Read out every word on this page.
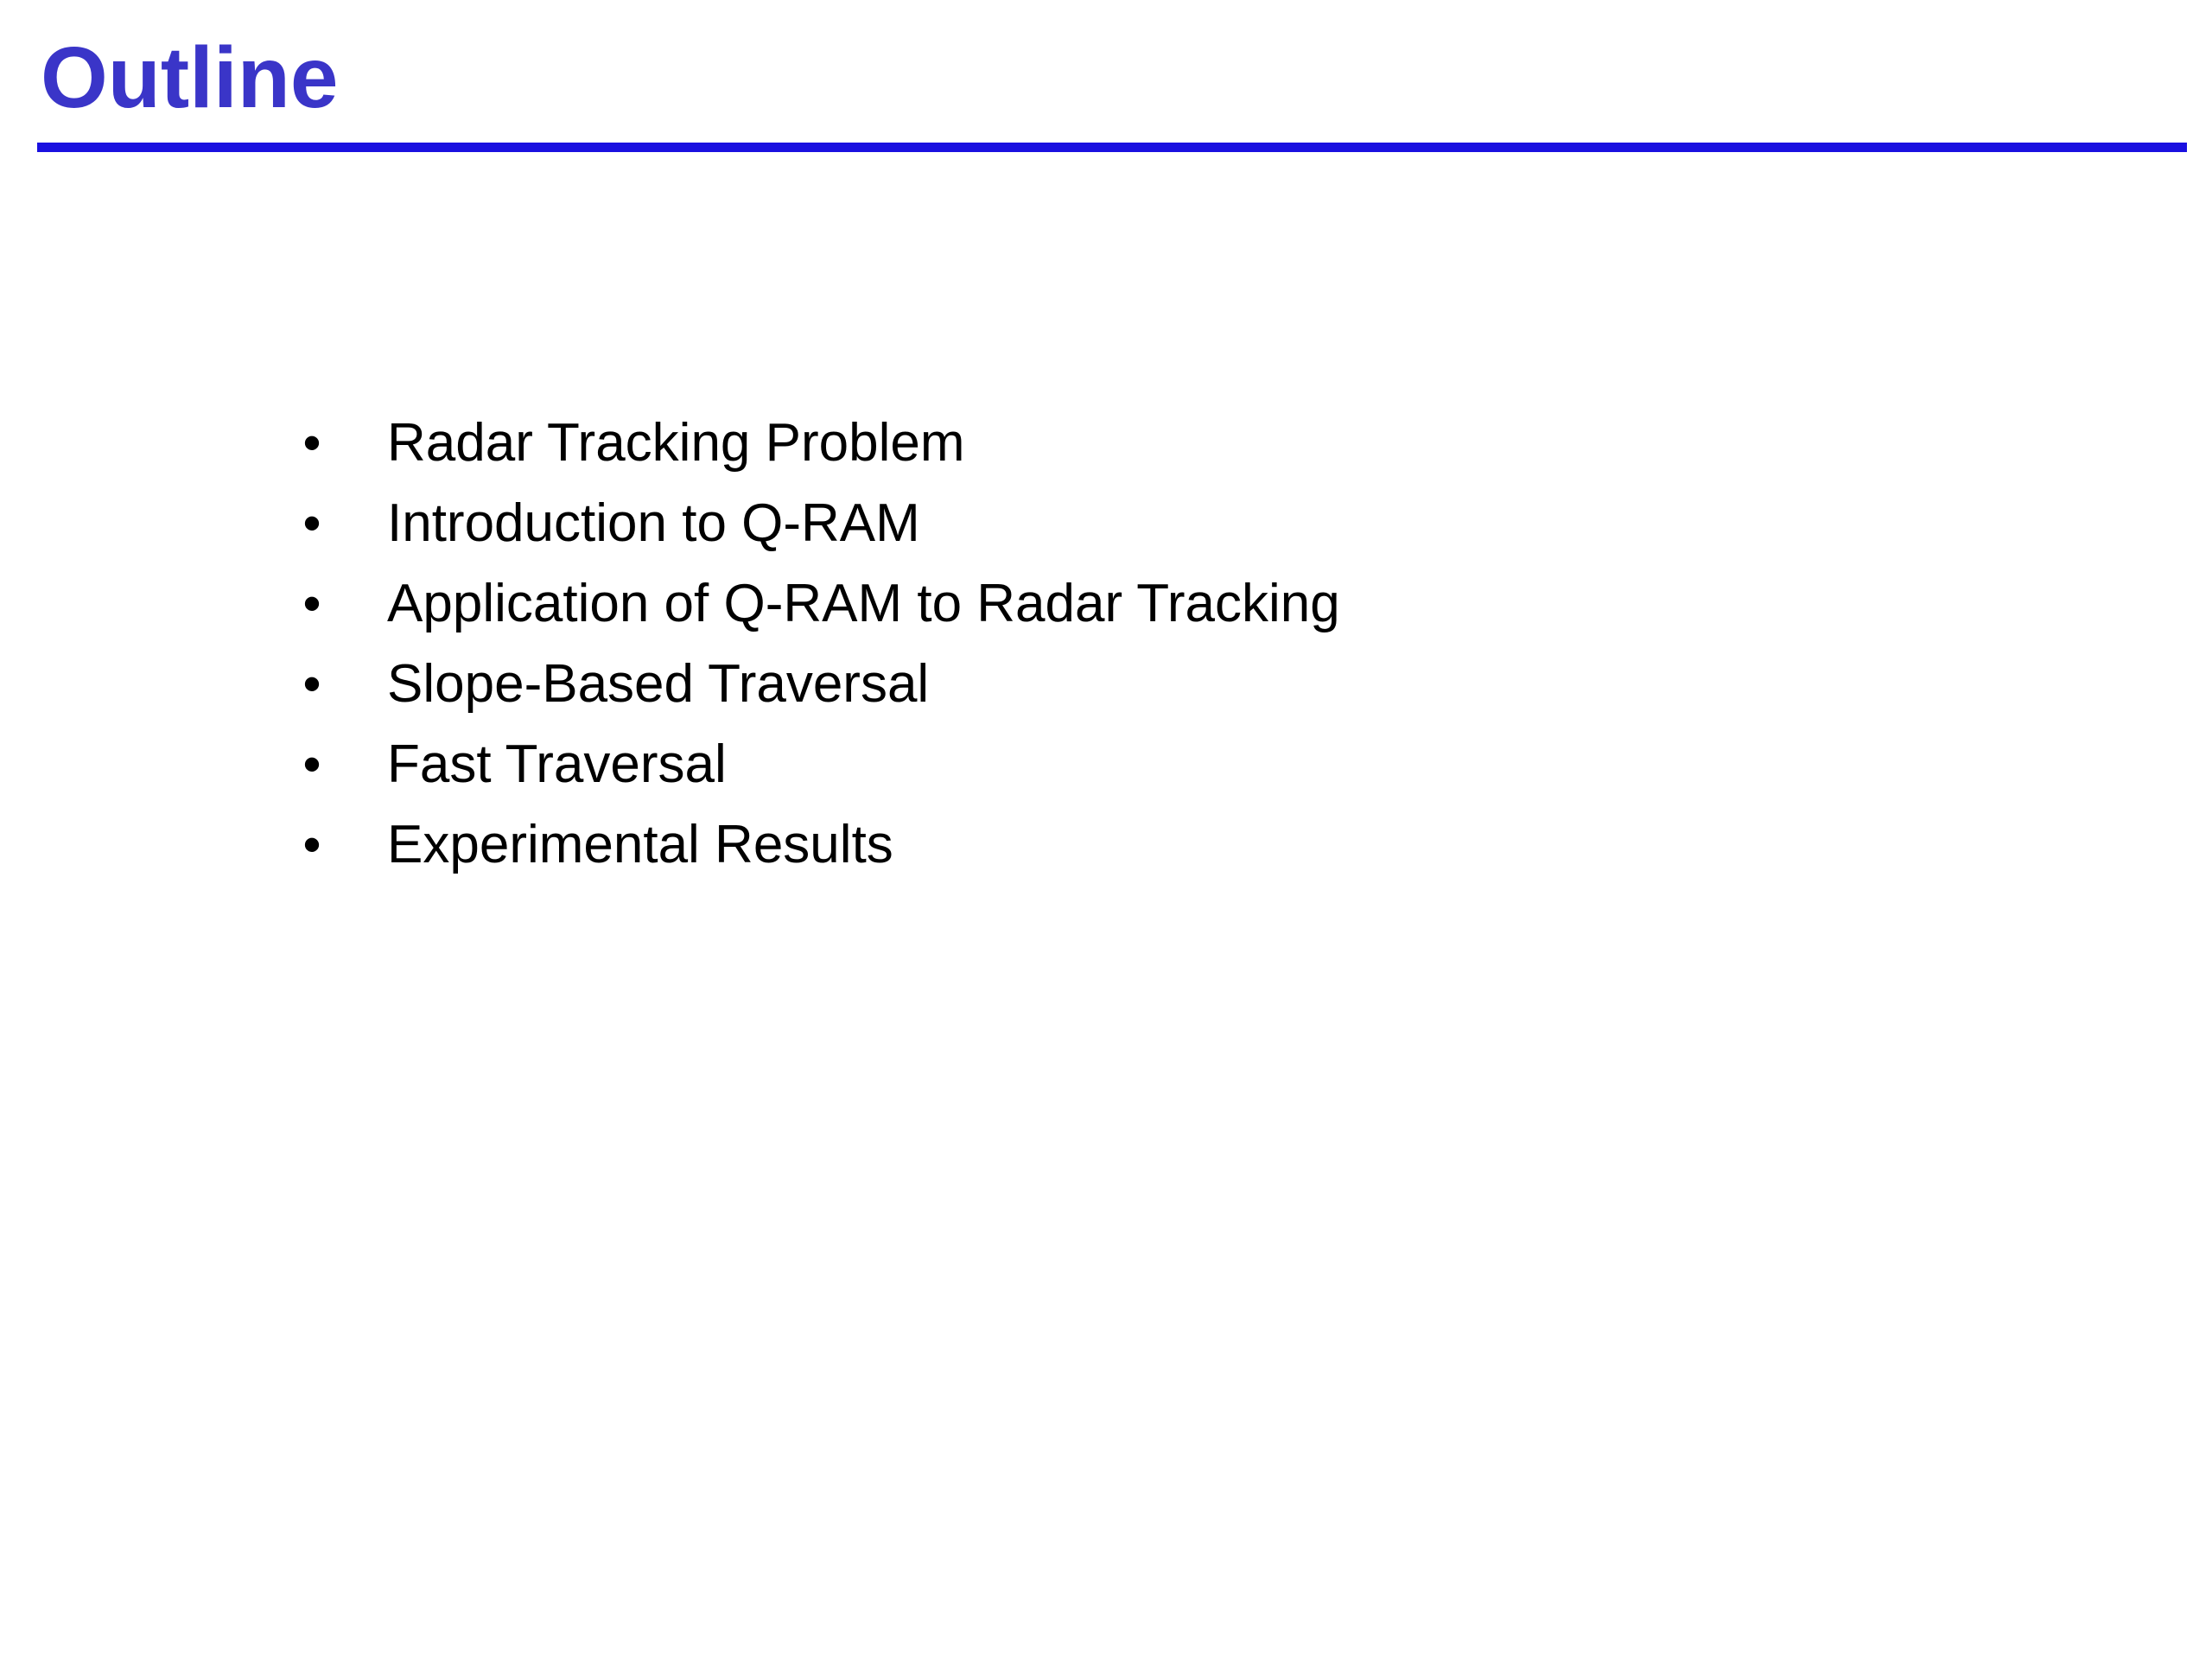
Outline
• Radar Tracking Problem
• Introduction to Q-RAM
• Application of Q-RAM to Radar Tracking
• Slope-Based Traversal
• Fast Traversal
• Experimental Results
